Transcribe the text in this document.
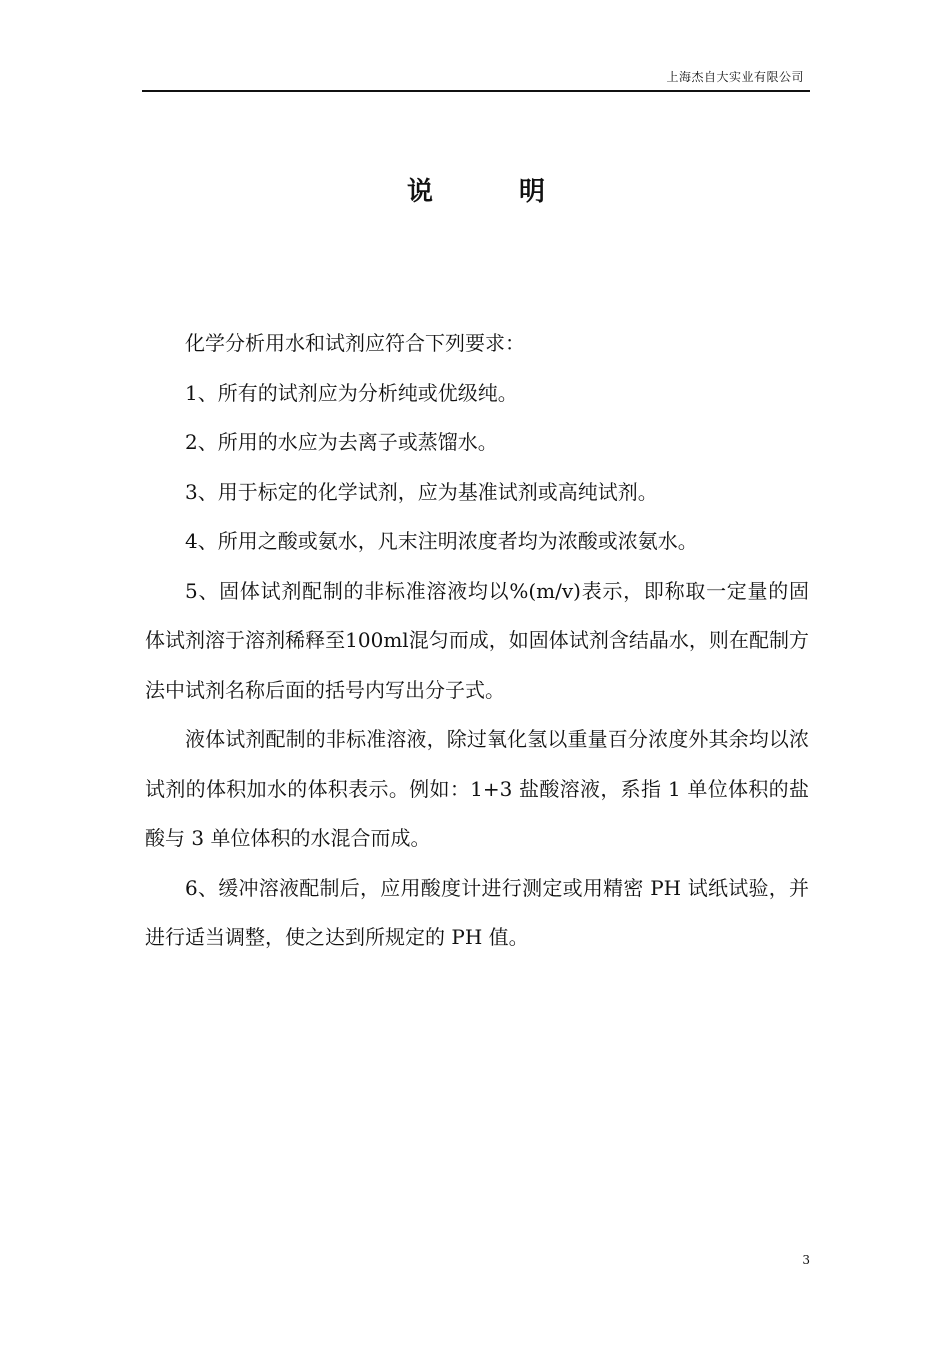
上海杰自大实业有限公司
说	明

化学分析用水和试剂应符合下列要求：

1、所有的试剂应为分析纯或优级纯。

2、所用的水应为去离子或蒸馏水。

3、用于标定的化学试剂，应为基准试剂或高纯试剂。

4、所用之酸或氨水，凡末注明浓度者均为浓酸或浓氨水。

5、固体试剂配制的非标准溶液均以%(m/v)表示，即称取一定量的固体试剂溶于溶剂稀释至100ml混匀而成，如固体试剂含结晶水，则在配制方法中试剂名称后面的括号内写出分子式。

液体试剂配制的非标准溶液，除过氧化氢以重量百分浓度外其余均以浓试剂的体积加水的体积表示。例如：1+3 盐酸溶液，系指 1 单位体积的盐酸与 3 单位体积的水混合而成。

6、缓冲溶液配制后，应用酸度计进行测定或用精密 PH 试纸试验，并进行适当调整，使之达到所规定的 PH 值。

3
